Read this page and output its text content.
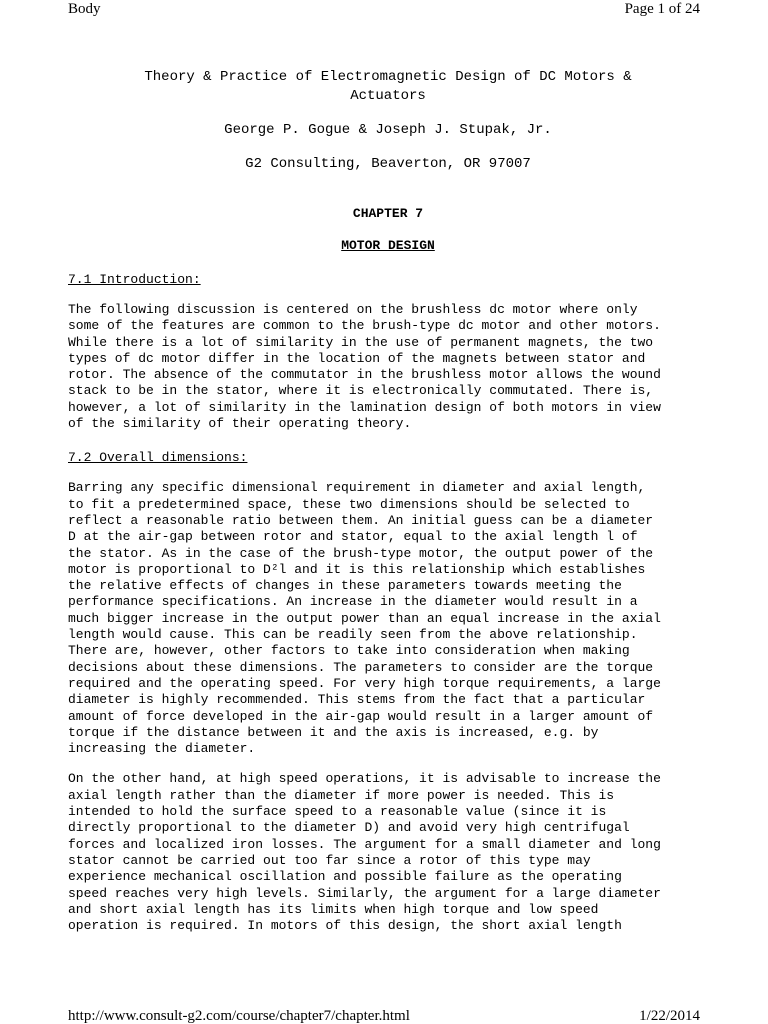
Body	Page 1 of 24
Theory & Practice of Electromagnetic Design of DC Motors &
Actuators
George P. Gogue & Joseph J. Stupak, Jr.
G2 Consulting, Beaverton, OR 97007
CHAPTER 7
MOTOR DESIGN
7.1 Introduction:
The following discussion is centered on the brushless dc motor where only
some of the features are common to the brush-type dc motor and other motors.
While there is a lot of similarity in the use of permanent magnets, the two
types of dc motor differ in the location of the magnets between stator and
rotor. The absence of the commutator in the brushless motor allows the wound
stack to be in the stator, where it is electronically commutated. There is,
however, a lot of similarity in the lamination design of both motors in view
of the similarity of their operating theory.
7.2 Overall dimensions:
Barring any specific dimensional requirement in diameter and axial length,
to fit a predetermined space, these two dimensions should be selected to
reflect a reasonable ratio between them. An initial guess can be a diameter
D at the air-gap between rotor and stator, equal to the axial length l of
the stator. As in the case of the brush-type motor, the output power of the
motor is proportional to D²l and it is this relationship which establishes
the relative effects of changes in these parameters towards meeting the
performance specifications. An increase in the diameter would result in a
much bigger increase in the output power than an equal increase in the axial
length would cause. This can be readily seen from the above relationship.
There are, however, other factors to take into consideration when making
decisions about these dimensions. The parameters to consider are the torque
required and the operating speed. For very high torque requirements, a large
diameter is highly recommended. This stems from the fact that a particular
amount of force developed in the air-gap would result in a larger amount of
torque if the distance between it and the axis is increased, e.g. by
increasing the diameter.
On the other hand, at high speed operations, it is advisable to increase the
axial length rather than the diameter if more power is needed. This is
intended to hold the surface speed to a reasonable value (since it is
directly proportional to the diameter D) and avoid very high centrifugal
forces and localized iron losses. The argument for a small diameter and long
stator cannot be carried out too far since a rotor of this type may
experience mechanical oscillation and possible failure as the operating
speed reaches very high levels. Similarly, the argument for a large diameter
and short axial length has its limits when high torque and low speed
operation is required. In motors of this design, the short axial length
http://www.consult-g2.com/course/chapter7/chapter.html	1/22/2014
